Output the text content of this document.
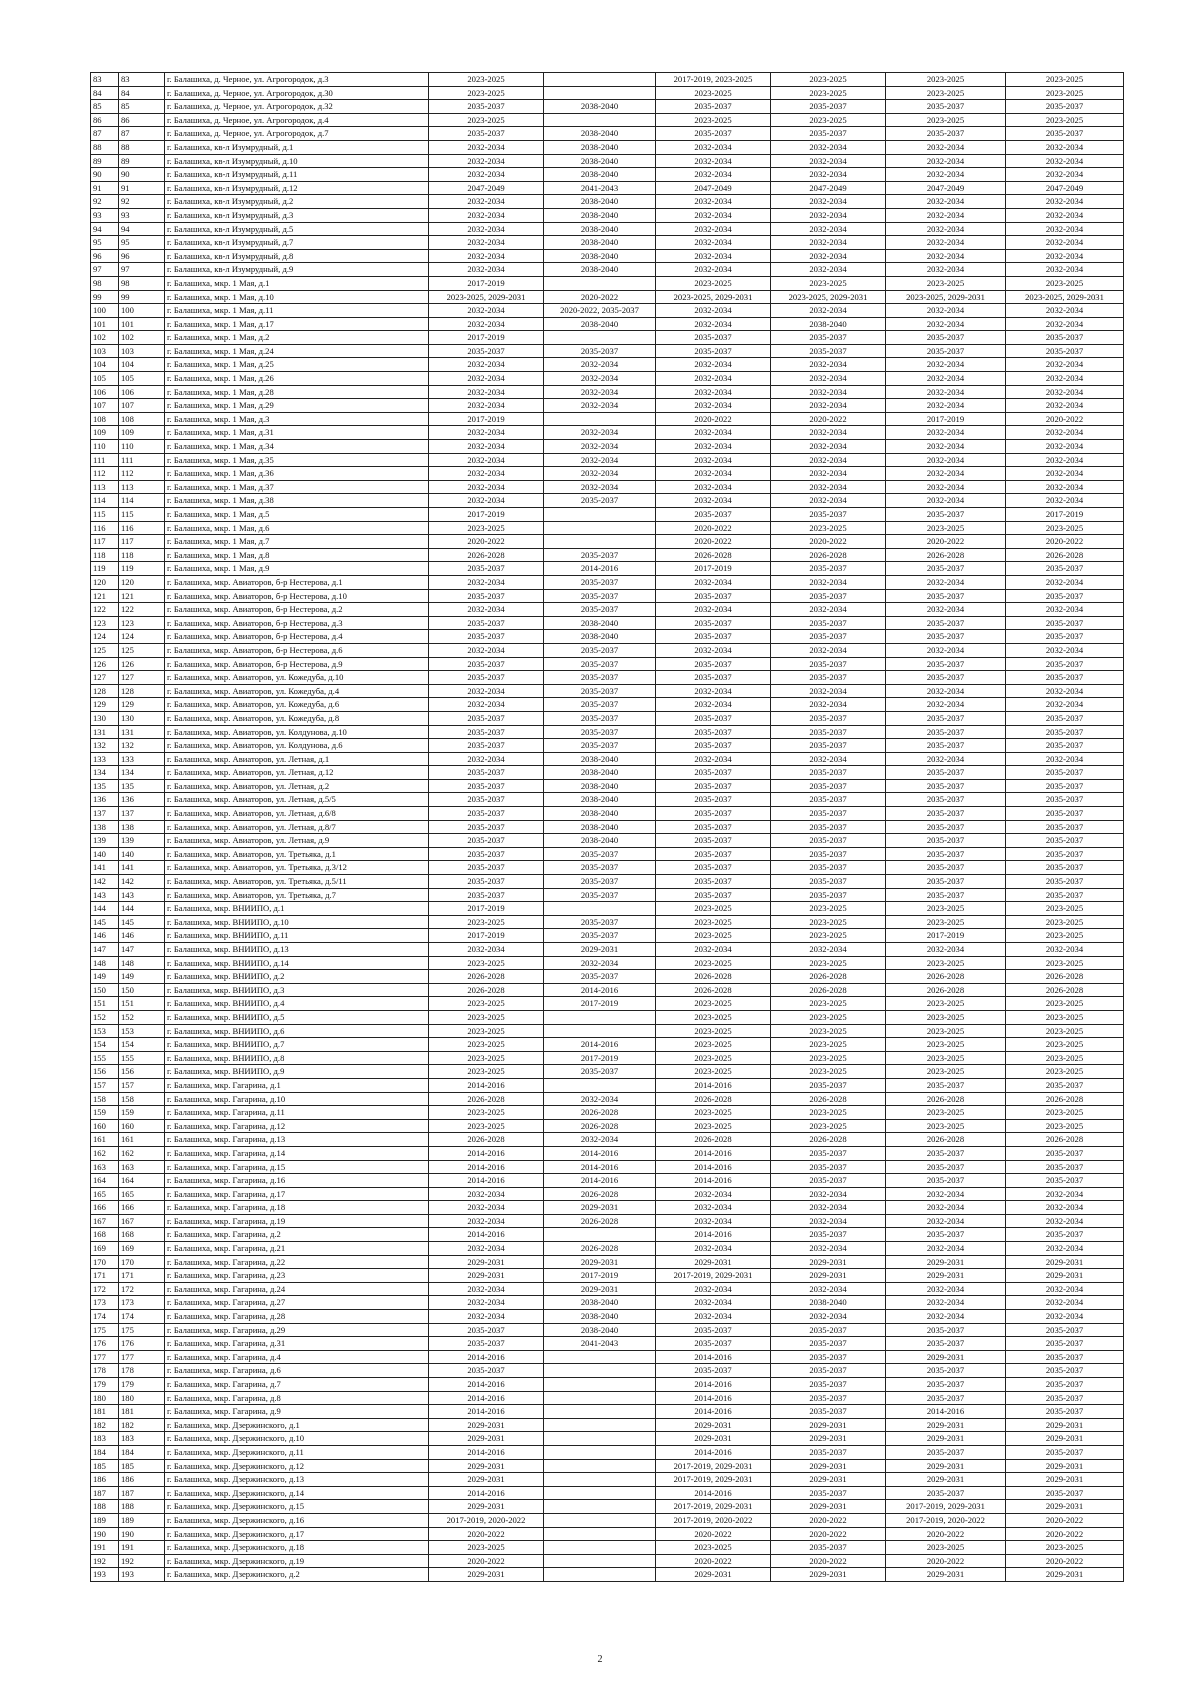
83	83	г. Балашиха, д. Черное, ул. Агрогородок, д.3	2023-2025		2017-2019, 2023-2025	2023-2025	2023-2025	2023-2025
84	84	г. Балашиха, д. Черное, ул. Агрогородок, д.30	2023-2025		2023-2025	2023-2025	2023-2025	2023-2025
85	85	г. Балашиха, д. Черное, ул. Агрогородок, д.32	2035-2037	2038-2040	2035-2037	2035-2037	2035-2037	2035-2037
86	86	г. Балашиха, д. Черное, ул. Агрогородок, д.4	2023-2025		2023-2025	2023-2025	2023-2025	2023-2025
87	87	г. Балашиха, д. Черное, ул. Агрогородок, д.7	2035-2037	2038-2040	2035-2037	2035-2037	2035-2037	2035-2037
88	88	г. Балашиха, кв-л Изумрудный, д.1	2032-2034	2038-2040	2032-2034	2032-2034	2032-2034	2032-2034
89	89	г. Балашиха, кв-л Изумрудный, д.10	2032-2034	2038-2040	2032-2034	2032-2034	2032-2034	2032-2034
90	90	г. Балашиха, кв-л Изумрудный, д.11	2032-2034	2038-2040	2032-2034	2032-2034	2032-2034	2032-2034
91	91	г. Балашиха, кв-л Изумрудный, д.12	2047-2049	2041-2043	2047-2049	2047-2049	2047-2049	2047-2049
92	92	г. Балашиха, кв-л Изумрудный, д.2	2032-2034	2038-2040	2032-2034	2032-2034	2032-2034	2032-2034
93	93	г. Балашиха, кв-л Изумрудный, д.3	2032-2034	2038-2040	2032-2034	2032-2034	2032-2034	2032-2034
94	94	г. Балашиха, кв-л Изумрудный, д.5	2032-2034	2038-2040	2032-2034	2032-2034	2032-2034	2032-2034
95	95	г. Балашиха, кв-л Изумрудный, д.7	2032-2034	2038-2040	2032-2034	2032-2034	2032-2034	2032-2034
96	96	г. Балашиха, кв-л Изумрудный, д.8	2032-2034	2038-2040	2032-2034	2032-2034	2032-2034	2032-2034
97	97	г. Балашиха, кв-л Изумрудный, д.9	2032-2034	2038-2040	2032-2034	2032-2034	2032-2034	2032-2034
98	98	г. Балашиха, мкр. 1 Мая, д.1	2017-2019		2023-2025	2023-2025	2023-2025	2023-2025
99	99	г. Балашиха, мкр. 1 Мая, д.10	2023-2025, 2029-2031	2020-2022	2023-2025, 2029-2031	2023-2025, 2029-2031	2023-2025, 2029-2031	2023-2025, 2029-2031
100	100	г. Балашиха, мкр. 1 Мая, д.11	2032-2034	2020-2022, 2035-2037	2032-2034	2032-2034	2032-2034	2032-2034
101	101	г. Балашиха, мкр. 1 Мая, д.17	2032-2034	2038-2040	2032-2034	2038-2040	2032-2034	2032-2034
102	102	г. Балашиха, мкр. 1 Мая, д.2	2017-2019		2035-2037	2035-2037	2035-2037	2035-2037
103	103	г. Балашиха, мкр. 1 Мая, д.24	2035-2037	2035-2037	2035-2037	2035-2037	2035-2037	2035-2037
104	104	г. Балашиха, мкр. 1 Мая, д.25	2032-2034	2032-2034	2032-2034	2032-2034	2032-2034	2032-2034
105	105	г. Балашиха, мкр. 1 Мая, д.26	2032-2034	2032-2034	2032-2034	2032-2034	2032-2034	2032-2034
106	106	г. Балашиха, мкр. 1 Мая, д.28	2032-2034	2032-2034	2032-2034	2032-2034	2032-2034	2032-2034
107	107	г. Балашиха, мкр. 1 Мая, д.29	2032-2034	2032-2034	2032-2034	2032-2034	2032-2034	2032-2034
108	108	г. Балашиха, мкр. 1 Мая, д.3	2017-2019		2020-2022	2020-2022	2017-2019	2020-2022
109	109	г. Балашиха, мкр. 1 Мая, д.31	2032-2034	2032-2034	2032-2034	2032-2034	2032-2034	2032-2034
110	110	г. Балашиха, мкр. 1 Мая, д.34	2032-2034	2032-2034	2032-2034	2032-2034	2032-2034	2032-2034
111	111	г. Балашиха, мкр. 1 Мая, д.35	2032-2034	2032-2034	2032-2034	2032-2034	2032-2034	2032-2034
112	112	г. Балашиха, мкр. 1 Мая, д.36	2032-2034	2032-2034	2032-2034	2032-2034	2032-2034	2032-2034
113	113	г. Балашиха, мкр. 1 Мая, д.37	2032-2034	2032-2034	2032-2034	2032-2034	2032-2034	2032-2034
114	114	г. Балашиха, мкр. 1 Мая, д.38	2032-2034	2035-2037	2032-2034	2032-2034	2032-2034	2032-2034
115	115	г. Балашиха, мкр. 1 Мая, д.5	2017-2019		2035-2037	2035-2037	2035-2037	2017-2019
116	116	г. Балашиха, мкр. 1 Мая, д.6	2023-2025		2020-2022	2023-2025	2023-2025	2023-2025
117	117	г. Балашиха, мкр. 1 Мая, д.7	2020-2022		2020-2022	2020-2022	2020-2022	2020-2022
118	118	г. Балашиха, мкр. 1 Мая, д.8	2026-2028	2035-2037	2026-2028	2026-2028	2026-2028	2026-2028
119	119	г. Балашиха, мкр. 1 Мая, д.9	2035-2037	2014-2016	2017-2019	2035-2037	2035-2037	2035-2037
120	120	г. Балашиха, мкр. Авиаторов, б-р Нестерова, д.1	2032-2034	2035-2037	2032-2034	2032-2034	2032-2034	2032-2034
121	121	г. Балашиха, мкр. Авиаторов, б-р Нестерова, д.10	2035-2037	2035-2037	2035-2037	2035-2037	2035-2037	2035-2037
122	122	г. Балашиха, мкр. Авиаторов, б-р Нестерова, д.2	2032-2034	2035-2037	2032-2034	2032-2034	2032-2034	2032-2034
123	123	г. Балашиха, мкр. Авиаторов, б-р Нестерова, д.3	2035-2037	2038-2040	2035-2037	2035-2037	2035-2037	2035-2037
124	124	г. Балашиха, мкр. Авиаторов, б-р Нестерова, д.4	2035-2037	2038-2040	2035-2037	2035-2037	2035-2037	2035-2037
125	125	г. Балашиха, мкр. Авиаторов, б-р Нестерова, д.6	2032-2034	2035-2037	2032-2034	2032-2034	2032-2034	2032-2034
126	126	г. Балашиха, мкр. Авиаторов, б-р Нестерова, д.9	2035-2037	2035-2037	2035-2037	2035-2037	2035-2037	2035-2037
127	127	г. Балашиха, мкр. Авиаторов, ул. Кожедуба, д.10	2035-2037	2035-2037	2035-2037	2035-2037	2035-2037	2035-2037
128	128	г. Балашиха, мкр. Авиаторов, ул. Кожедуба, д.4	2032-2034	2035-2037	2032-2034	2032-2034	2032-2034	2032-2034
129	129	г. Балашиха, мкр. Авиаторов, ул. Кожедуба, д.6	2032-2034	2035-2037	2032-2034	2032-2034	2032-2034	2032-2034
130	130	г. Балашиха, мкр. Авиаторов, ул. Кожедуба, д.8	2035-2037	2035-2037	2035-2037	2035-2037	2035-2037	2035-2037
131	131	г. Балашиха, мкр. Авиаторов, ул. Колдунова, д.10	2035-2037	2035-2037	2035-2037	2035-2037	2035-2037	2035-2037
132	132	г. Балашиха, мкр. Авиаторов, ул. Колдунова, д.6	2035-2037	2035-2037	2035-2037	2035-2037	2035-2037	2035-2037
133	133	г. Балашиха, мкр. Авиаторов, ул. Летная, д.1	2032-2034	2038-2040	2032-2034	2032-2034	2032-2034	2032-2034
134	134	г. Балашиха, мкр. Авиаторов, ул. Летная, д.12	2035-2037	2038-2040	2035-2037	2035-2037	2035-2037	2035-2037
135	135	г. Балашиха, мкр. Авиаторов, ул. Летная, д.2	2035-2037	2038-2040	2035-2037	2035-2037	2035-2037	2035-2037
136	136	г. Балашиха, мкр. Авиаторов, ул. Летная, д.5/5	2035-2037	2038-2040	2035-2037	2035-2037	2035-2037	2035-2037
137	137	г. Балашиха, мкр. Авиаторов, ул. Летная, д.6/8	2035-2037	2038-2040	2035-2037	2035-2037	2035-2037	2035-2037
138	138	г. Балашиха, мкр. Авиаторов, ул. Летная, д.8/7	2035-2037	2038-2040	2035-2037	2035-2037	2035-2037	2035-2037
139	139	г. Балашиха, мкр. Авиаторов, ул. Летная, д.9	2035-2037	2038-2040	2035-2037	2035-2037	2035-2037	2035-2037
140	140	г. Балашиха, мкр. Авиаторов, ул. Третьяка, д.1	2035-2037	2035-2037	2035-2037	2035-2037	2035-2037	2035-2037
141	141	г. Балашиха, мкр. Авиаторов, ул. Третьяка, д.3/12	2035-2037	2035-2037	2035-2037	2035-2037	2035-2037	2035-2037
142	142	г. Балашиха, мкр. Авиаторов, ул. Третьяка, д.5/11	2035-2037	2035-2037	2035-2037	2035-2037	2035-2037	2035-2037
143	143	г. Балашиха, мкр. Авиаторов, ул. Третьяка, д.7	2035-2037	2035-2037	2035-2037	2035-2037	2035-2037	2035-2037
144	144	г. Балашиха, мкр. ВНИИПО, д.1	2017-2019		2023-2025	2023-2025	2023-2025	2023-2025
145	145	г. Балашиха, мкр. ВНИИПО, д.10	2023-2025	2035-2037	2023-2025	2023-2025	2023-2025	2023-2025
146	146	г. Балашиха, мкр. ВНИИПО, д.11	2017-2019	2035-2037	2023-2025	2023-2025	2017-2019	2023-2025
147	147	г. Балашиха, мкр. ВНИИПО, д.13	2032-2034	2029-2031	2032-2034	2032-2034	2032-2034	2032-2034
148	148	г. Балашиха, мкр. ВНИИПО, д.14	2023-2025	2032-2034	2023-2025	2023-2025	2023-2025	2023-2025
149	149	г. Балашиха, мкр. ВНИИПО, д.2	2026-2028	2035-2037	2026-2028	2026-2028	2026-2028	2026-2028
150	150	г. Балашиха, мкр. ВНИИПО, д.3	2026-2028	2014-2016	2026-2028	2026-2028	2026-2028	2026-2028
151	151	г. Балашиха, мкр. ВНИИПО, д.4	2023-2025	2017-2019	2023-2025	2023-2025	2023-2025	2023-2025
152	152	г. Балашиха, мкр. ВНИИПО, д.5	2023-2025		2023-2025	2023-2025	2023-2025	2023-2025
153	153	г. Балашиха, мкр. ВНИИПО, д.6	2023-2025		2023-2025	2023-2025	2023-2025	2023-2025
154	154	г. Балашиха, мкр. ВНИИПО, д.7	2023-2025	2014-2016	2023-2025	2023-2025	2023-2025	2023-2025
155	155	г. Балашиха, мкр. ВНИИПО, д.8	2023-2025	2017-2019	2023-2025	2023-2025	2023-2025	2023-2025
156	156	г. Балашиха, мкр. ВНИИПО, д.9	2023-2025	2035-2037	2023-2025	2023-2025	2023-2025	2023-2025
157	157	г. Балашиха, мкр. Гагарина, д.1	2014-2016		2014-2016	2035-2037	2035-2037	2035-2037
158	158	г. Балашиха, мкр. Гагарина, д.10	2026-2028	2032-2034	2026-2028	2026-2028	2026-2028	2026-2028
159	159	г. Балашиха, мкр. Гагарина, д.11	2023-2025	2026-2028	2023-2025	2023-2025	2023-2025	2023-2025
160	160	г. Балашиха, мкр. Гагарина, д.12	2023-2025	2026-2028	2023-2025	2023-2025	2023-2025	2023-2025
161	161	г. Балашиха, мкр. Гагарина, д.13	2026-2028	2032-2034	2026-2028	2026-2028	2026-2028	2026-2028
162	162	г. Балашиха, мкр. Гагарина, д.14	2014-2016	2014-2016	2014-2016	2035-2037	2035-2037	2035-2037
163	163	г. Балашиха, мкр. Гагарина, д.15	2014-2016	2014-2016	2014-2016	2035-2037	2035-2037	2035-2037
164	164	г. Балашиха, мкр. Гагарина, д.16	2014-2016	2014-2016	2014-2016	2035-2037	2035-2037	2035-2037
165	165	г. Балашиха, мкр. Гагарина, д.17	2032-2034	2026-2028	2032-2034	2032-2034	2032-2034	2032-2034
166	166	г. Балашиха, мкр. Гагарина, д.18	2032-2034	2029-2031	2032-2034	2032-2034	2032-2034	2032-2034
167	167	г. Балашиха, мкр. Гагарина, д.19	2032-2034	2026-2028	2032-2034	2032-2034	2032-2034	2032-2034
168	168	г. Балашиха, мкр. Гагарина, д.2	2014-2016		2014-2016	2035-2037	2035-2037	2035-2037
169	169	г. Балашиха, мкр. Гагарина, д.21	2032-2034	2026-2028	2032-2034	2032-2034	2032-2034	2032-2034
170	170	г. Балашиха, мкр. Гагарина, д.22	2029-2031	2029-2031	2029-2031	2029-2031	2029-2031	2029-2031
171	171	г. Балашиха, мкр. Гагарина, д.23	2029-2031	2017-2019	2017-2019, 2029-2031	2029-2031	2029-2031	2029-2031
172	172	г. Балашиха, мкр. Гагарина, д.24	2032-2034	2029-2031	2032-2034	2032-2034	2032-2034	2032-2034
173	173	г. Балашиха, мкр. Гагарина, д.27	2032-2034	2038-2040	2032-2034	2038-2040	2032-2034	2032-2034
174	174	г. Балашиха, мкр. Гагарина, д.28	2032-2034	2038-2040	2032-2034	2032-2034	2032-2034	2032-2034
175	175	г. Балашиха, мкр. Гагарина, д.29	2035-2037	2038-2040	2035-2037	2035-2037	2035-2037	2035-2037
176	176	г. Балашиха, мкр. Гагарина, д.31	2035-2037	2041-2043	2035-2037	2035-2037	2035-2037	2035-2037
177	177	г. Балашиха, мкр. Гагарина, д.4	2014-2016		2014-2016	2035-2037	2029-2031	2035-2037
178	178	г. Балашиха, мкр. Гагарина, д.6	2035-2037		2035-2037	2035-2037	2035-2037	2035-2037
179	179	г. Балашиха, мкр. Гагарина, д.7	2014-2016		2014-2016	2035-2037	2035-2037	2035-2037
180	180	г. Балашиха, мкр. Гагарина, д.8	2014-2016		2014-2016	2035-2037	2035-2037	2035-2037
181	181	г. Балашиха, мкр. Гагарина, д.9	2014-2016		2014-2016	2035-2037	2014-2016	2035-2037
182	182	г. Балашиха, мкр. Дзержинского, д.1	2029-2031		2029-2031	2029-2031	2029-2031	2029-2031
183	183	г. Балашиха, мкр. Дзержинского, д.10	2029-2031		2029-2031	2029-2031	2029-2031	2029-2031
184	184	г. Балашиха, мкр. Дзержинского, д.11	2014-2016		2014-2016	2035-2037	2035-2037	2035-2037
185	185	г. Балашиха, мкр. Дзержинского, д.12	2029-2031		2017-2019, 2029-2031	2029-2031	2029-2031	2029-2031
186	186	г. Балашиха, мкр. Дзержинского, д.13	2029-2031		2017-2019, 2029-2031	2029-2031	2029-2031	2029-2031
187	187	г. Балашиха, мкр. Дзержинского, д.14	2014-2016		2014-2016	2035-2037	2035-2037	2035-2037
188	188	г. Балашиха, мкр. Дзержинского, д.15	2029-2031		2017-2019, 2029-2031	2029-2031	2017-2019, 2029-2031	2029-2031
189	189	г. Балашиха, мкр. Дзержинского, д.16	2017-2019, 2020-2022		2017-2019, 2020-2022	2020-2022	2017-2019, 2020-2022	2020-2022
190	190	г. Балашиха, мкр. Дзержинского, д.17	2020-2022		2020-2022	2020-2022	2020-2022	2020-2022
191	191	г. Балашиха, мкр. Дзержинского, д.18	2023-2025		2023-2025	2035-2037	2023-2025	2023-2025
192	192	г. Балашиха, мкр. Дзержинского, д.19	2020-2022		2020-2022	2020-2022	2020-2022	2020-2022
193	193	г. Балашиха, мкр. Дзержинского, д.2	2029-2031		2029-2031	2029-2031	2029-2031	2029-2031
2
